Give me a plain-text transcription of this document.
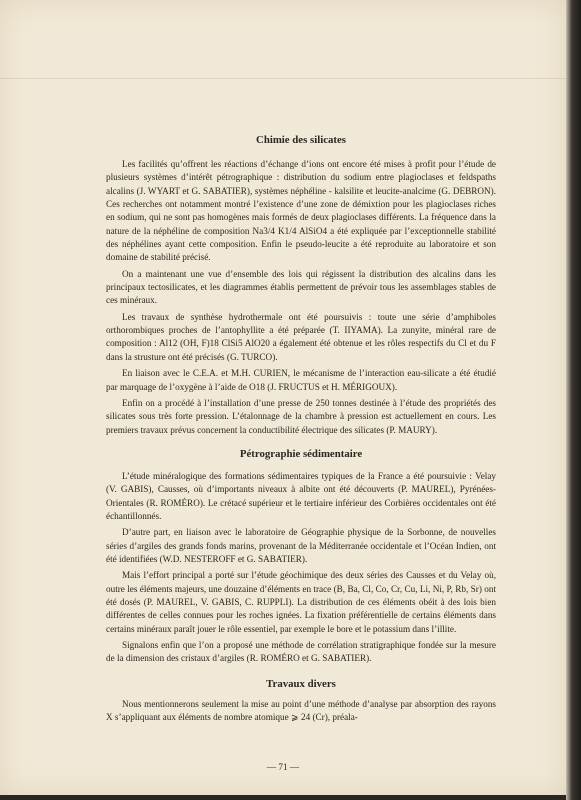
Chimie des silicates

Les facilités qu’offrent les réactions d’échange d’ions ont encore été mises à profit pour l’étude de plusieurs systèmes d’intérêt pétrographique : distribution du sodium entre plagioclases et feldspaths alcalins (J. WYART et G. SABATIER), systèmes néphéline - kalsilite et leucite-analcime (G. DEBRON). Ces recherches ont notamment montré l’existence d’une zone de démixtion pour les plagioclases riches en sodium, qui ne sont pas homogènes mais formés de deux plagioclases différents. La fréquence dans la nature de la néphéline de composition Na3/4 K1/4 AlSiO4 a été expliquée par l’exceptionnelle stabilité des néphélines ayant cette composition. Enfin le pseudo-leucite a été reproduite au laboratoire et son domaine de stabilité précisé.

On a maintenant une vue d’ensemble des lois qui régissent la distribution des alcalins dans les principaux tectosilicates, et les diagrammes établis permettent de prévoir tous les assemblages stables de ces minéraux.

Les travaux de synthèse hydrothermale ont été poursuivis : toute une série d’amphiboles orthorombiques proches de l’antophyllite a été préparée (T. IIYAMA). La zunyite, minéral rare de composition : Al12 (OH, F)18 ClSi5 AlO20 a également été obtenue et les rôles respectifs du Cl et du F dans la strusture ont été précisés (G. TURCO).

En liaison avec le C.E.A. et M.H. CURIEN, le mécanisme de l’interaction eau-silicate a été étudié par marquage de l’oxygène à l’aide de O18 (J. FRUCTUS et H. MÉRIGOUX).

Enfin on a procédé à l’installation d’une presse de 250 tonnes destinée à l’étude des propriétés des silicates sous très forte pression. L’étalonnage de la chambre à pression est actuellement en cours. Les premiers travaux prévus concernent la conductibilité électrique des silicates (P. MAURY).

Pétrographie sédimentaire

L’étude minéralogique des formations sédimentaires typiques de la France a été poursuivie : Velay (V. GABIS), Causses, où d’importants niveaux à albite ont été découverts (P. MAUREL), Pyrénées-Orientales (R. ROMÉRO). Le crétacé supérieur et le tertiaire inférieur des Corbières occidentales ont été échantillonnés.

D’autre part, en liaison avec le laboratoire de Géographie physique de la Sorbonne, de nouvelles séries d’argiles des grands fonds marins, provenant de la Méditerranée occidentale et l’Océan Indien, ont été identifiées (W.D. NESTEROFF et G. SABATIER).

Mais l’effort principal a porté sur l’étude géochimique des deux séries des Causses et du Velay où, outre les éléments majeurs, une douzaine d’éléments en trace (B, Ba, Cl, Co, Cr, Cu, Li, Ni, P, Rb, Sr) ont été dosés (P. MAUREL, V. GABIS, C. RUPPLI). La distribution de ces éléments obéit à des lois bien différentes de celles connues pour les roches ignées. La fixation préférentielle de certains éléments dans certains minéraux paraît jouer le rôle essentiel, par exemple le bore et le potassium dans l’illite.

Signalons enfin que l’on a proposé une méthode de corrélation stratigraphique fondée sur la mesure de la dimension des cristaux d’argiles (R. ROMÉRO et G. SABATIER).

Travaux divers

Nous mentionnerons seulement la mise au point d’une méthode d’analyse par absorption des rayons X s’appliquant aux éléments de nombre atomique ⩾ 24 (Cr), préala-

— 71 —
